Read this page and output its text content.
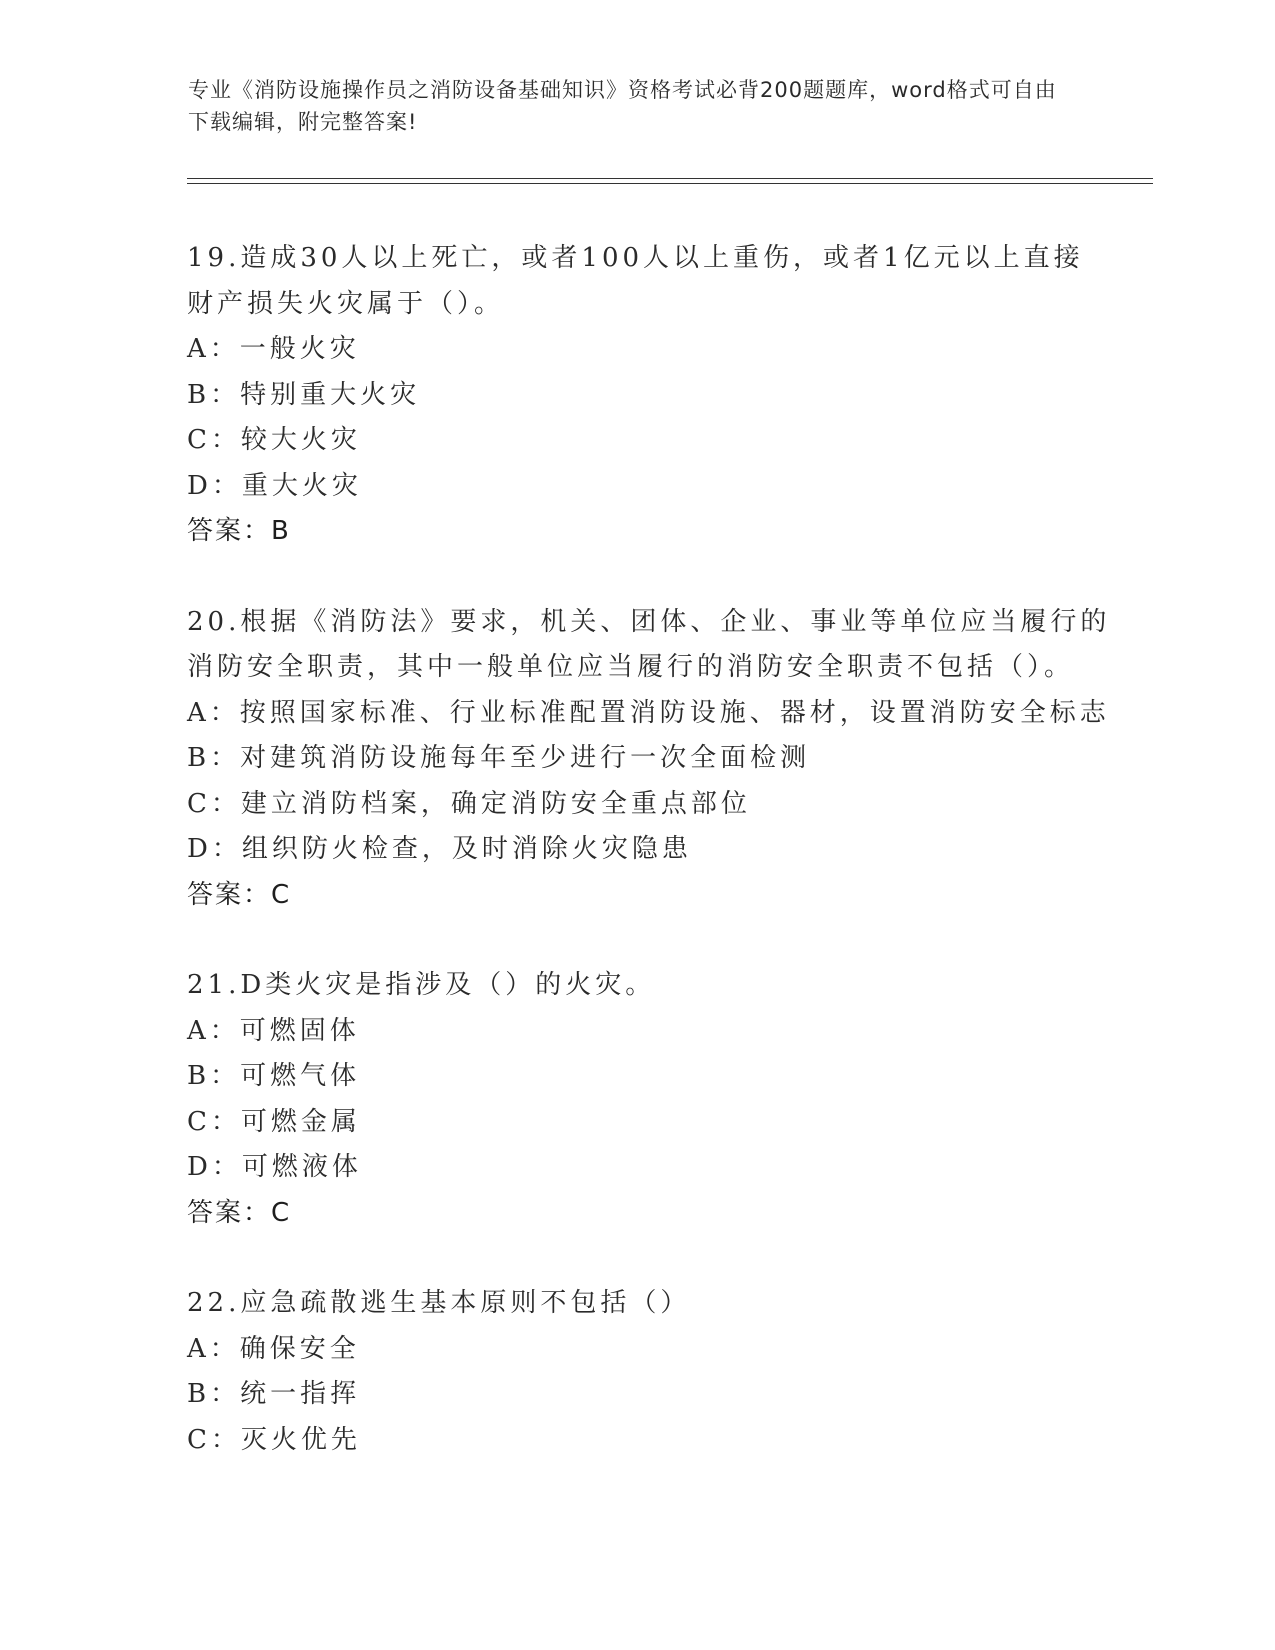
专业《消防设施操作员之消防设备基础知识》资格考试必背200题题库，word格式可自由下载编辑，附完整答案!
19.造成30人以上死亡，或者100人以上重伤，或者1亿元以上直接
财产损失火灾属于（）。
A：一般火灾
B：特别重大火灾
C：较大火灾
D：重大火灾
答案：B
20.根据《消防法》要求，机关、团体、企业、事业等单位应当履行的
消防安全职责，其中一般单位应当履行的消防安全职责不包括（）。
A：按照国家标准、行业标准配置消防设施、器材，设置消防安全标志
B：对建筑消防设施每年至少进行一次全面检测
C：建立消防档案，确定消防安全重点部位
D：组织防火检查，及时消除火灾隐患
答案：C
21.D类火灾是指涉及（）的火灾。
A：可燃固体
B：可燃气体
C：可燃金属
D：可燃液体
答案：C
22.应急疏散逃生基本原则不包括（）
A：确保安全
B：统一指挥
C：灭火优先
